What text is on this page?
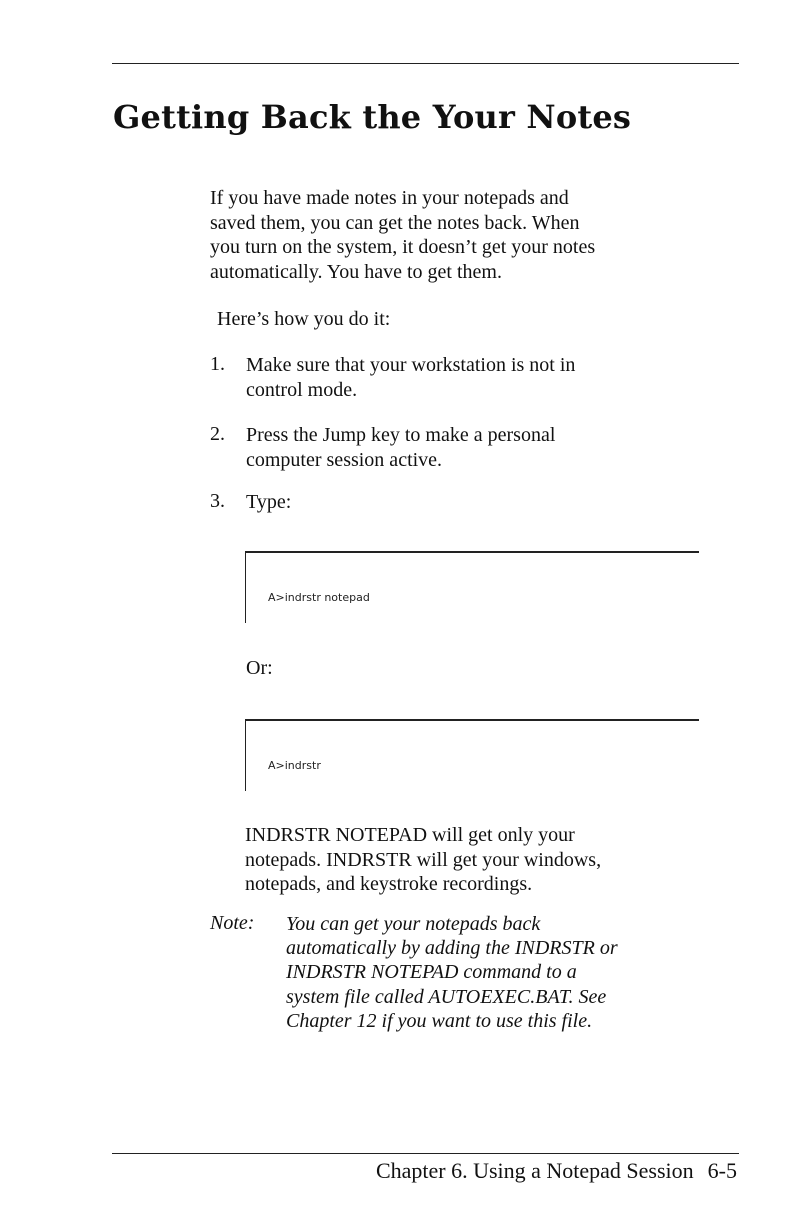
Getting Back the Your Notes

If you have made notes in your notepads and
saved them, you can get the notes back. When
you turn on the system, it doesn’t get your notes
automatically. You have to get them.

Here’s how you do it:

1. Make sure that your workstation is not in
control mode.
2. Press the Jump key to make a personal
computer session active.
3. Type:
A>indrstr notepad

Or:

A>indrstr

INDRSTR NOTEPAD will get only your
notepads. INDRSTR will get your windows,
notepads, and keystroke recordings.

Note: You can get your notepads back
automatically by adding the INDRSTR or
INDRSTR NOTEPAD command to a
system file called AUTOEXEC.BAT. See
Chapter 12 if you want to use this file.
Chapter 6. Using a Notepad Session 6-5
